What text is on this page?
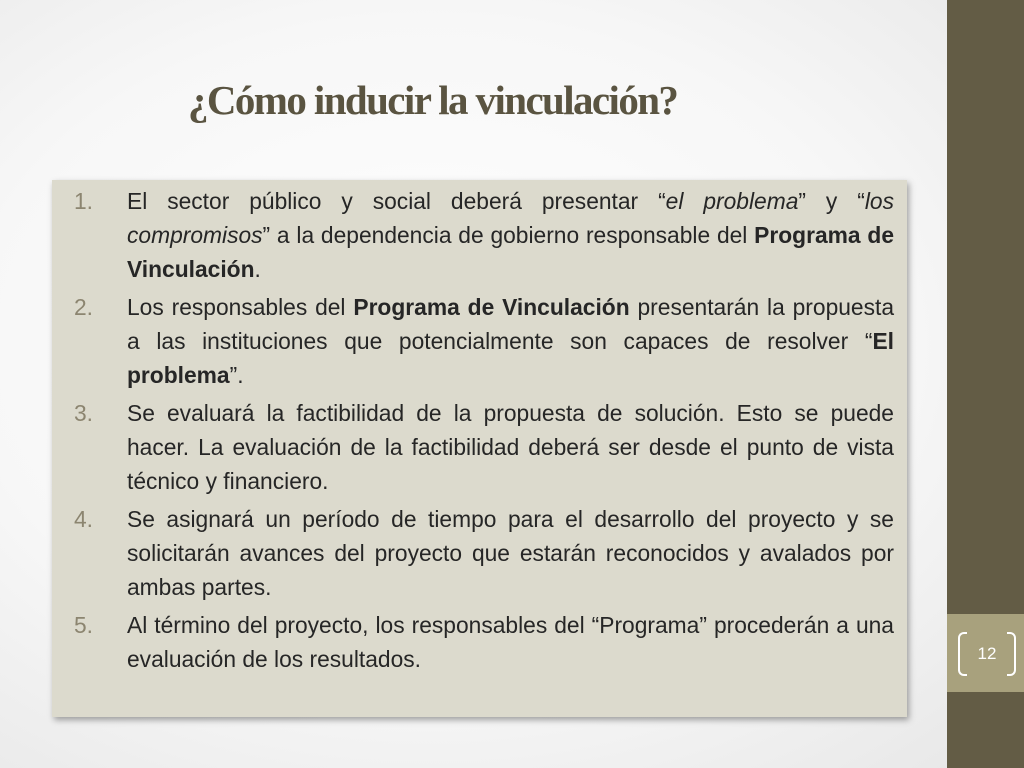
¿Cómo inducir la vinculación?
1. El sector público y social deberá presentar “el problema” y “los compromisos” a la dependencia de gobierno responsable del Programa de Vinculación.
2. Los responsables del Programa de Vinculación presentarán la propuesta a las instituciones que potencialmente son capaces de resolver “El problema”.
3. Se evaluará la factibilidad de la propuesta de solución. Esto se puede hacer. La evaluación de la factibilidad deberá ser desde el punto de vista técnico y financiero.
4. Se asignará un período de tiempo para el desarrollo del proyecto y se solicitarán avances del proyecto que estarán reconocidos y avalados por ambas partes.
5. Al término del proyecto, los responsables del “Programa” procederán a una evaluación de los resultados.	12
